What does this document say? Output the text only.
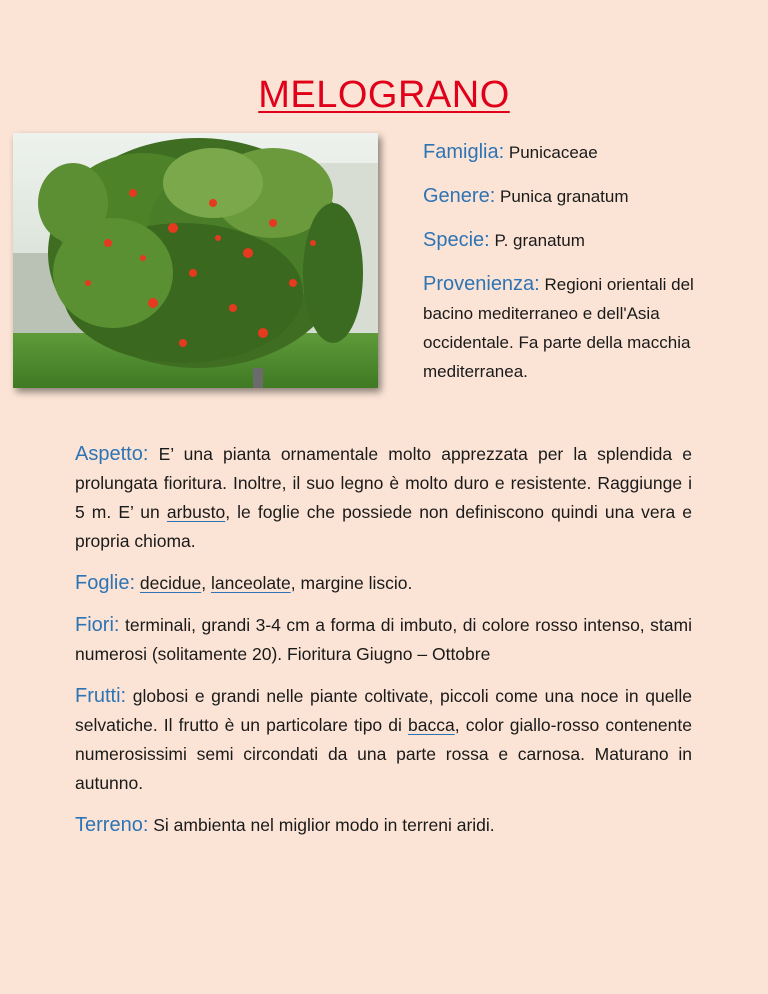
MELOGRANO
Famiglia: Punicaceae
Genere: Punica granatum
Specie: P. granatum
Provenienza: Regioni orientali del bacino mediterraneo e dell'Asia occidentale. Fa parte della macchia mediterranea.
Aspetto: E’ una pianta ornamentale molto apprezzata per la splendida e prolungata fioritura. Inoltre, il suo legno è molto duro e resistente. Raggiunge i 5 m. E’ un arbusto, le foglie che possiede non definiscono quindi una vera e propria chioma.
Foglie: decidue, lanceolate, margine liscio.
Fiori: terminali, grandi 3-4 cm a forma di imbuto, di colore rosso intenso, stami numerosi (solitamente 20). Fioritura Giugno – Ottobre
Frutti: globosi e grandi nelle piante coltivate, piccoli come una noce in quelle selvatiche. Il frutto è un particolare tipo di bacca, color giallo-rosso contenente numerosissimi semi circondati da una parte rossa e carnosa. Maturano in autunno.
Terreno: Si ambienta nel miglior modo in terreni aridi.
